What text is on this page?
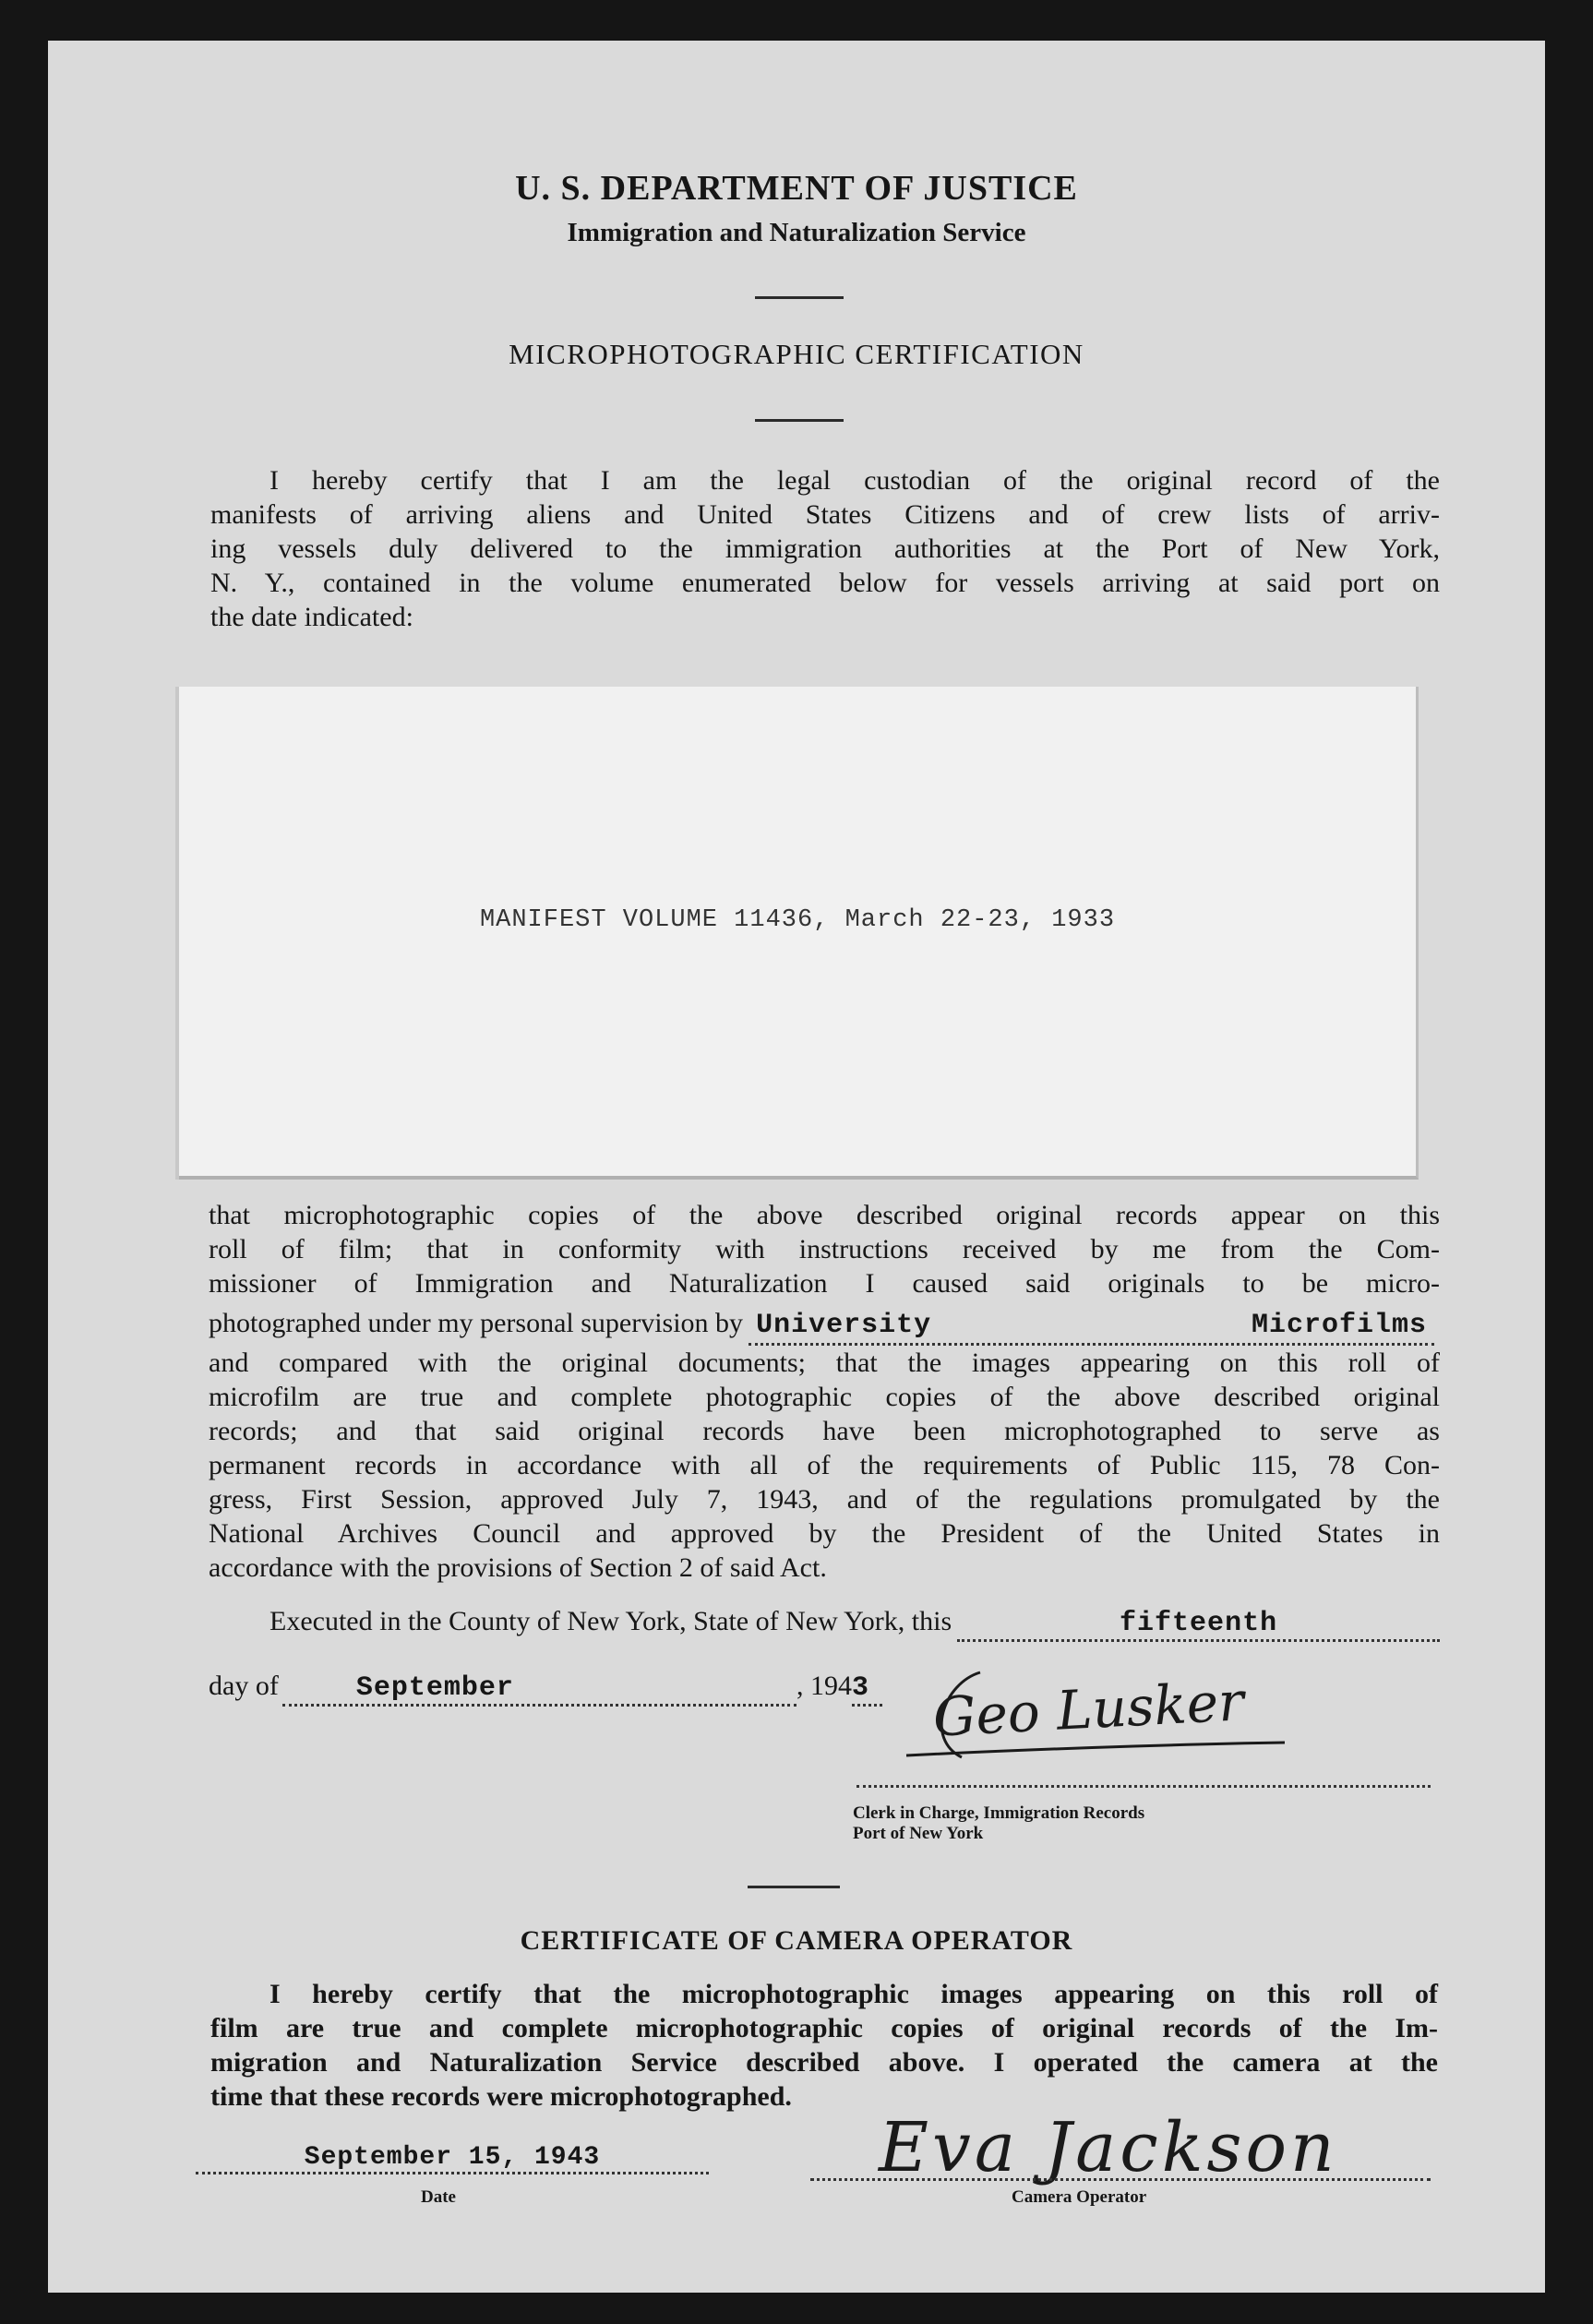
U. S. DEPARTMENT OF JUSTICE
Immigration and Naturalization Service
MICROPHOTOGRAPHIC CERTIFICATION
I hereby certify that I am the legal custodian of the original record of the
manifests of arriving aliens and United States Citizens and of crew lists of arriv-
ing vessels duly delivered to the immigration authorities at the Port of New York,
N. Y., contained in the volume enumerated below for vessels arriving at said port on
the date indicated:
MANIFEST VOLUME 11436, March 22-23, 1933
that microphotographic copies of the above described original records appear on this
roll of film; that in conformity with instructions received by me from the Com-
missioner of Immigration and Naturalization I caused said originals to be micro-
photographed under my personal supervision by University Microfilms
and compared with the original documents; that the images appearing on this roll of
microfilm are true and complete photographic copies of the above described original
records; and that said original records have been microphotographed to serve as
permanent records in accordance with all of the requirements of Public 115, 78 Con-
gress, First Session, approved July 7, 1943, and of the regulations promulgated by the
National Archives Council and approved by the President of the United States in
accordance with the provisions of Section 2 of said Act.
Executed in the County of New York, State of New York, this	fifteenth
day of	September	, 194 3 Geo Lusker
Clerk in Charge, Immigration Records
Port of New York
CERTIFICATE OF CAMERA OPERATOR
I hereby certify that the microphotographic images appearing on this roll of
film are true and complete microphotographic copies of original records of the Im-
migration and Naturalization Service described above. I operated the camera at the
time that these records were microphotographed.
September 15, 1943
Date
Eva Jackson
Camera Operator
